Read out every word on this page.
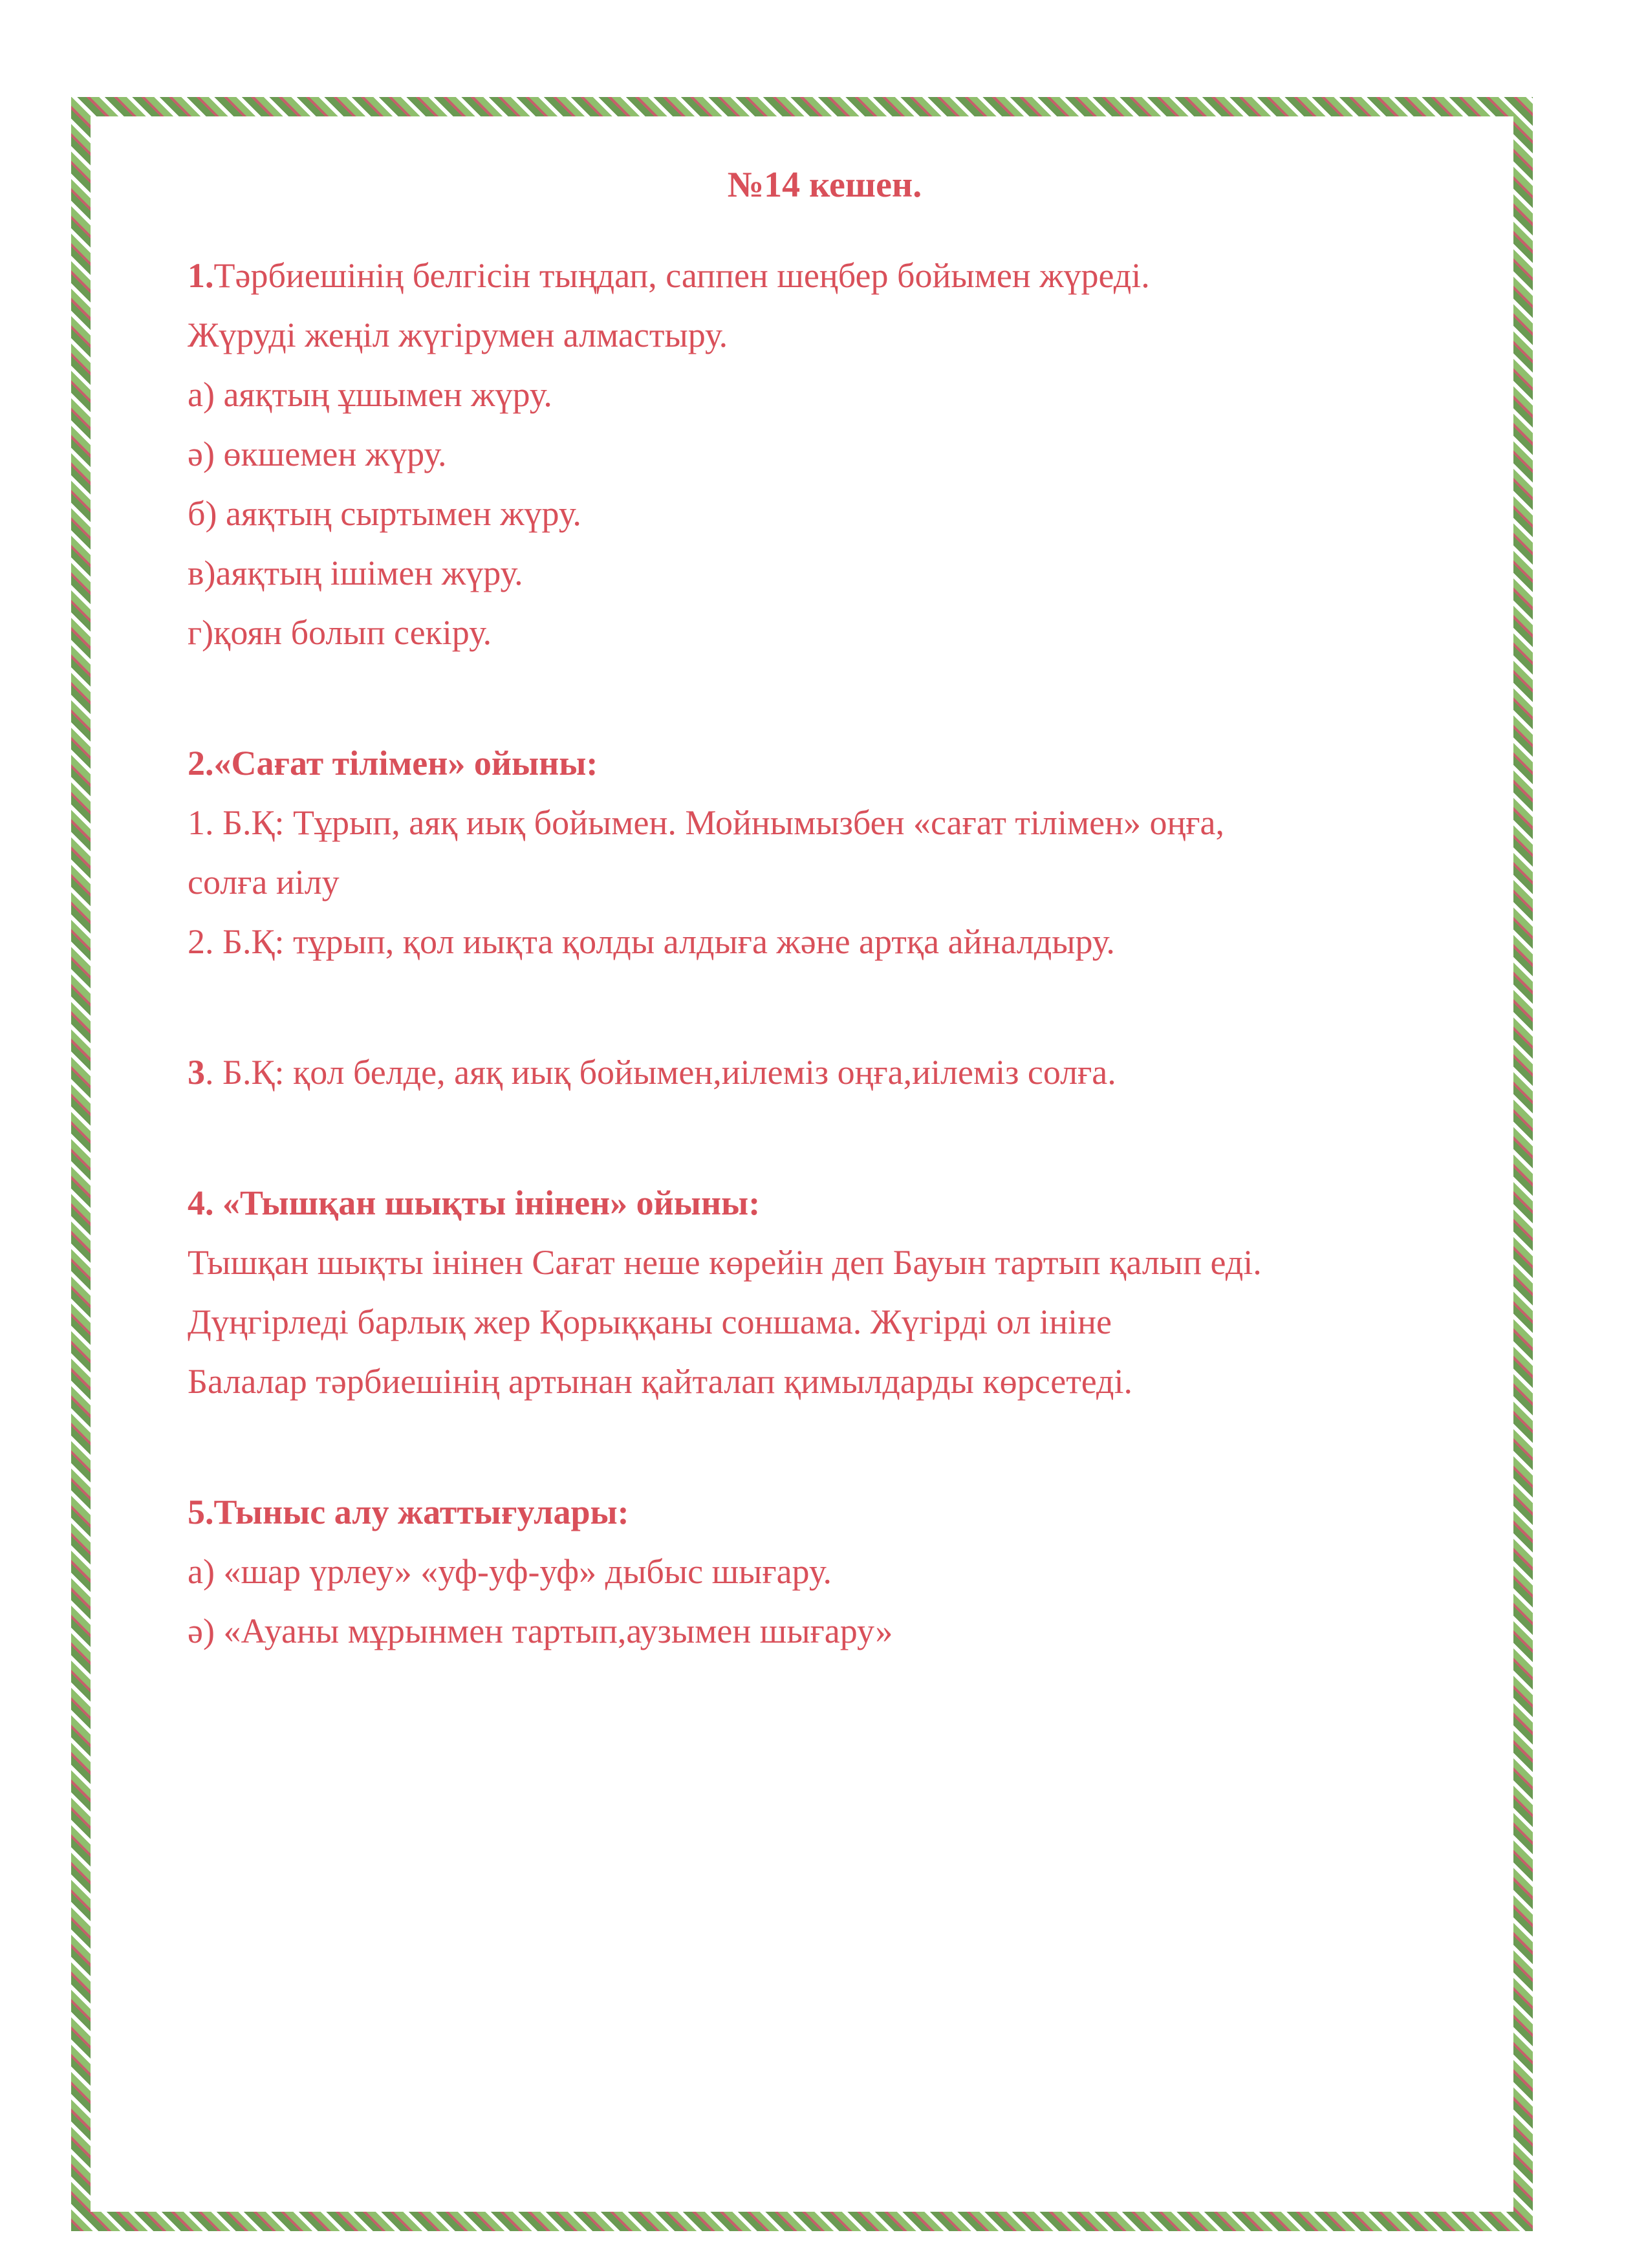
№14 кешен.

1.Тәрбиешінің белгісін тыңдап, саппен шеңбер бойымен жүреді.

Жүруді жеңіл жүгірумен алмастыру.

а) аяқтың ұшымен жүру.

ә) өкшемен жүру.

б) аяқтың сыртымен жүру.

в)аяқтың ішімен жүру.

г)қоян болып секіру.

2.«Сағат тілімен» ойыны:

1. Б.Қ: Тұрып, аяқ иық бойымен. Мойнымызбен «сағат тілімен» оңға,

солға иілу

2. Б.Қ: тұрып, қол иықта қолды алдыға және артқа айналдыру.

3. Б.Қ: қол белде, аяқ иық бойымен,иілеміз оңға,иілеміз солға.

4. «Тышқан шықты інінен» ойыны:

Тышқан шықты інінен Сағат неше көрейін деп Бауын тартып қалып еді.

Дүңгірледі барлық жер Қорыққаны соншама. Жүгірді ол ініне

Балалар тәрбиешінің артынан қайталап қимылдарды көрсетеді.

5.Тыныс алу жаттығулары:

а) «шар үрлеу» «уф-уф-уф» дыбыс шығару.

ә) «Ауаны мұрынмен тартып,аузымен шығару»
